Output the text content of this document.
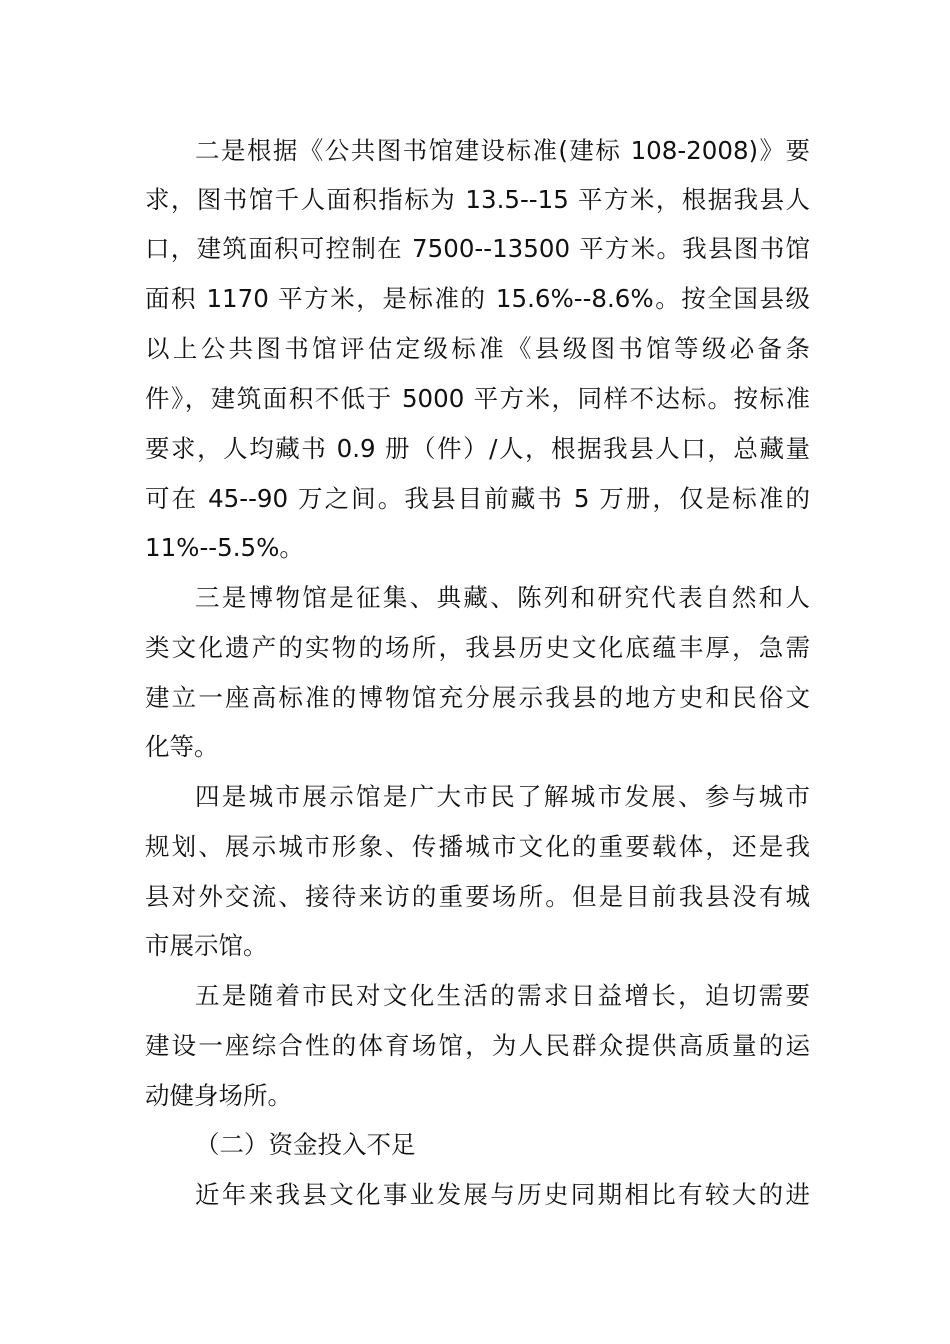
二是根据《公共图书馆建设标准(建标 108-2008)》要
求，图书馆千人面积指标为 13.5--15 平方米，根据我县人
口，建筑面积可控制在 7500--13500 平方米。我县图书馆
面积 1170 平方米，是标准的 15.6%--8.6%。按全国县级
以上公共图书馆评估定级标准《县级图书馆等级必备条
件》，建筑面积不低于 5000 平方米，同样不达标。按标准
要求，人均藏书 0.9 册（件）/人，根据我县人口，总藏量
可在 45--90 万之间。我县目前藏书 5 万册，仅是标准的
11%--5.5%。
三是博物馆是征集、典藏、陈列和研究代表自然和人
类文化遗产的实物的场所，我县历史文化底蕴丰厚，急需
建立一座高标准的博物馆充分展示我县的地方史和民俗文
化等。
四是城市展示馆是广大市民了解城市发展、参与城市
规划、展示城市形象、传播城市文化的重要载体，还是我
县对外交流、接待来访的重要场所。但是目前我县没有城
市展示馆。
五是随着市民对文化生活的需求日益增长，迫切需要
建设一座综合性的体育场馆，为人民群众提供高质量的运
动健身场所。
（二）资金投入不足
近年来我县文化事业发展与历史同期相比有较大的进
